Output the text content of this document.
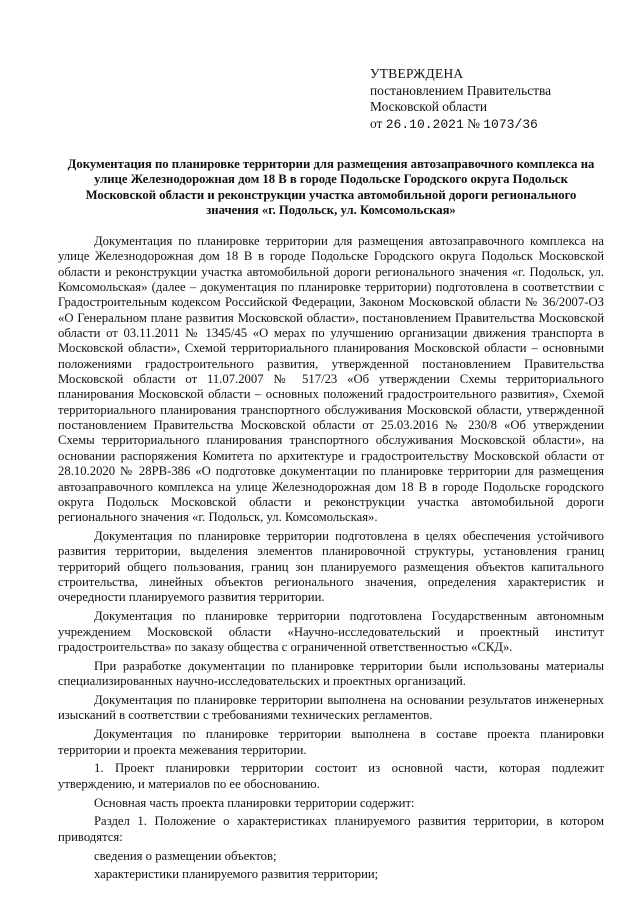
УТВЕРЖДЕНА
постановлением Правительства
Московской области
от 26.10.2021 № 1073/36
Документация по планировке территории для размещения автозаправочного комплекса на улице Железнодорожная дом 18 В в городе Подольске Городского округа Подольск Московской области и реконструкции участка автомобильной дороги регионального значения «г. Подольск, ул. Комсомольская»

Документация по планировке территории для размещения автозаправочного комплекса на улице Железнодорожная дом 18 В в городе Подольске Городского округа Подольск Московской области и реконструкции участка автомобильной дороги регионального значения «г. Подольск, ул. Комсомольская» (далее – документация по планировке территории) подготовлена в соответствии с Градостроительным кодексом Российской Федерации, Законом Московской области № 36/2007-ОЗ «О Генеральном плане развития Московской области», постановлением Правительства Московской области от 03.11.2011 № 1345/45 «О мерах по улучшению организации движения транспорта в Московской области», Схемой территориального планирования Московской области – основными положениями градостроительного развития, утвержденной постановлением Правительства Московской области от 11.07.2007 № 517/23 «Об утверждении Схемы территориального планирования Московской области – основных положений градостроительного развития», Схемой территориального планирования транспортного обслуживания Московской области, утвержденной постановлением Правительства Московской области от 25.03.2016 № 230/8 «Об утверждении Схемы территориального планирования транспортного обслуживания Московской области», на основании распоряжения Комитета по архитектуре и градостроительству Московской области от 28.10.2020 № 28РВ-386 «О подготовке документации по планировке территории для размещения автозаправочного комплекса на улице Железнодорожная дом 18 В в городе Подольске городского округа Подольск Московской области и реконструкции участка автомобильной дороги регионального значения «г. Подольск, ул. Комсомольская».

Документация по планировке территории подготовлена в целях обеспечения устойчивого развития территории, выделения элементов планировочной структуры, установления границ территорий общего пользования, границ зон планируемого размещения объектов капитального строительства, линейных объектов регионального значения, определения характеристик и очередности планируемого развития территории.

Документация по планировке территории подготовлена Государственным автономным учреждением Московской области «Научно-исследовательский и проектный институт градостроительства» по заказу общества с ограниченной ответственностью «СКД».

При разработке документации по планировке территории были использованы материалы специализированных научно-исследовательских и проектных организаций.

Документация по планировке территории выполнена на основании результатов инженерных изысканий в соответствии с требованиями технических регламентов.

Документация по планировке территории выполнена в составе проекта планировки территории и проекта межевания территории.

1. Проект планировки территории состоит из основной части, которая подлежит утверждению, и материалов по ее обоснованию.

Основная часть проекта планировки территории содержит:

Раздел 1. Положение о характеристиках планируемого развития территории, в котором приводятся:

сведения о размещении объектов;

характеристики планируемого развития территории;
